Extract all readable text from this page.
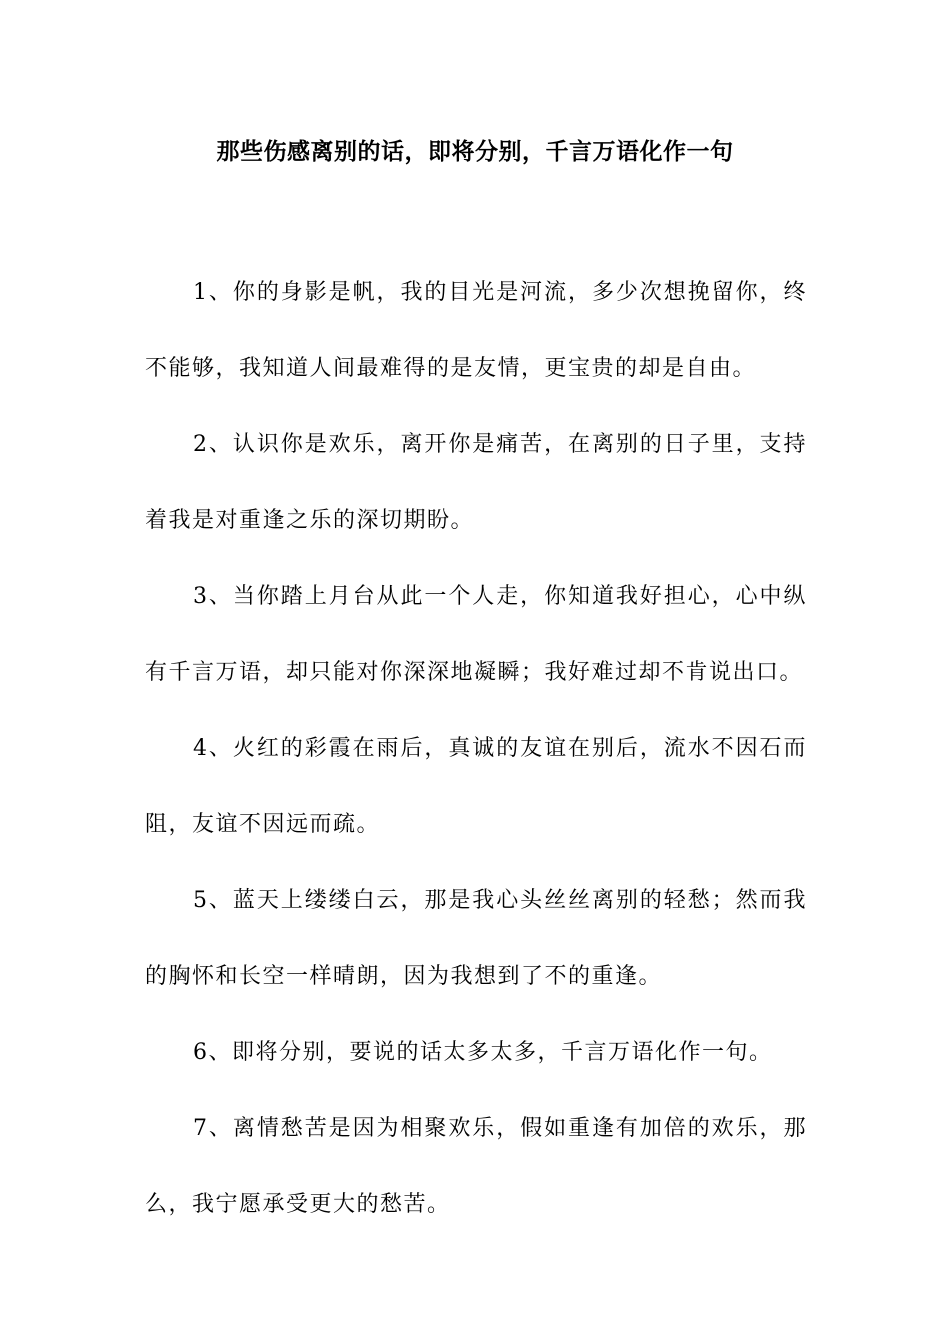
那些伤感离别的话，即将分别，千言万语化作一句

1、你的身影是帆，我的目光是河流，多少次想挽留你，终不能够，我知道人间最难得的是友情，更宝贵的却是自由。

2、认识你是欢乐，离开你是痛苦，在离别的日子里，支持着我是对重逢之乐的深切期盼。

3、当你踏上月台从此一个人走，你知道我好担心，心中纵有千言万语，却只能对你深深地凝瞬；我好难过却不肯说出口。

4、火红的彩霞在雨后，真诚的友谊在别后，流水不因石而阻，友谊不因远而疏。

5、蓝天上缕缕白云，那是我心头丝丝离别的轻愁；然而我的胸怀和长空一样晴朗，因为我想到了不的重逢。

6、即将分别，要说的话太多太多，千言万语化作一句。

7、离情愁苦是因为相聚欢乐，假如重逢有加倍的欢乐，那么，我宁愿承受更大的愁苦。
